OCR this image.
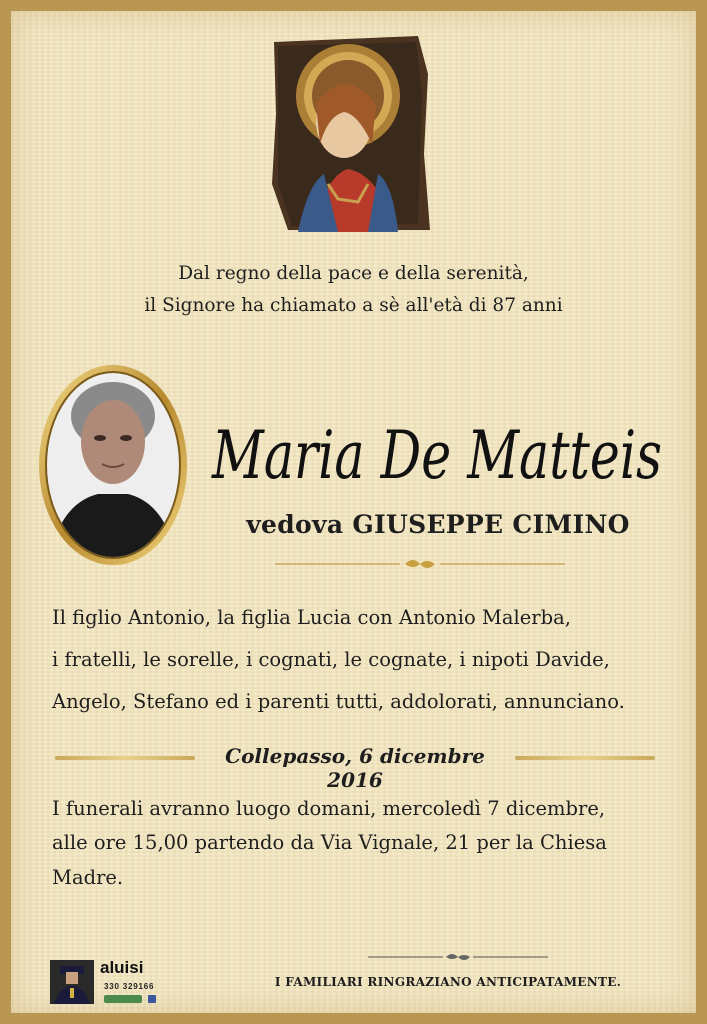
Dal regno della pace e della serenità,
il Signore ha chiamato a sè all'età di 87 anni
Maria De Matteis
vedova GIUSEPPE CIMINO
Il figlio Antonio, la figlia Lucia con Antonio Malerba,
i fratelli, le sorelle, i cognati, le cognate, i nipoti Davide,
Angelo, Stefano ed i parenti tutti, addolorati, annunciano.
Collepasso, 6 dicembre 2016
I funerali avranno luogo domani, mercoledì 7 dicembre,
alle ore 15,00 partendo da Via Vignale, 21 per la Chiesa
Madre.
I FAMILIARI RINGRAZIANO ANTICIPATAMENTE.
aluisi
330 329166
